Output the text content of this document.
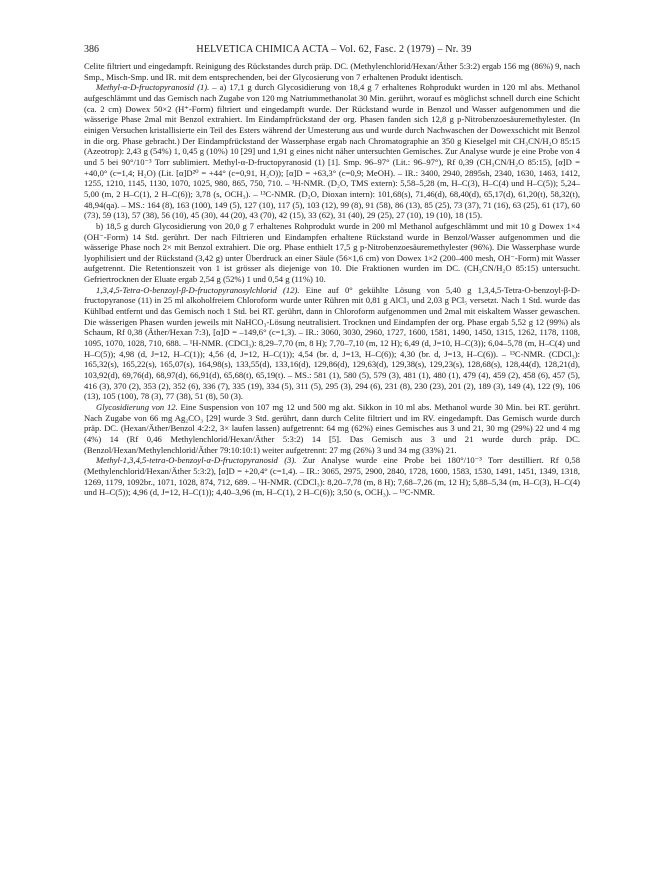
386	HELVETICA CHIMICA ACTA – Vol. 62, Fasc. 2 (1979) – Nr. 39

Celite filtriert und eingedampft. Reinigung des Rückstandes durch präp. DC. (Methylenchlorid/Hexan/Äther 5:3:2) ergab 156 mg (86%) 9, nach Smp., Misch-Smp. und IR. mit dem entsprechenden, bei der Glycosierung von 7 erhaltenen Produkt identisch.

Methyl-α-D-fructopyranosid (1). – a) 17,1 g durch Glycosidierung von 18,4 g 7 erhaltenes Rohprodukt wurden in 120 ml abs. Methanol aufgeschlämmt und das Gemisch nach Zugabe von 120 mg Natriummethanolat 30 Min. gerührt, worauf es möglichst schnell durch eine Schicht (ca. 2 cm) Dowex 50×2 (H⁺-Form) filtriert und eingedampft wurde. Der Rückstand wurde in Benzol und Wasser aufgenommen und die wässerige Phase 2mal mit Benzol extrahiert. Im Eindampfrückstand der org. Phasen fanden sich 12,8 g p-Nitrobenzoesäuremethylester. (In einigen Versuchen kristallisierte ein Teil des Esters während der Umesterung aus und wurde durch Nachwaschen der Dowexschicht mit Benzol in die org. Phase gebracht.) Der Eindampfrückstand der Wasserphase ergab nach Chromatographie an 350 g Kieselgel mit CH₃CN/H₂O 85:15 (Azeotrop): 2,43 g (54%) 1, 0,45 g (10%) 10 [29] und 1,91 g eines nicht näher untersuchten Gemisches. Zur Analyse wurde je eine Probe von 4 und 5 bei 90°/10⁻³ Torr sublimiert. Methyl-α-D-fructopyranosid (1) [1]. Smp. 96–97° (Lit.: 96–97°), Rf 0,39 (CH₃CN/H₂O 85:15), [α]D = +40,0° (c=1,4; H₂O) (Lit. [α]D²⁰ = +44° (c=0,91, H₂O)); [α]D = +63,3° (c=0,9; MeOH). – IR.: 3400, 2940, 2895sh, 2340, 1630, 1463, 1412, 1255, 1210, 1145, 1130, 1070, 1025, 980, 865, 750, 710. – ¹H-NMR. (D₂O, TMS extern): 5,58–5,28 (m, H–C(3), H–C(4) und H–C(5)); 5,24–5,00 (m, 2 H–C(1), 2 H–C(6)); 3,78 (s, OCH₃). – ¹³C-NMR. (D₂O, Dioxan intern): 101,68(s), 71,46(d), 68,40(d), 65,17(d), 61,20(t), 58,32(t), 48,94(qa). – MS.: 164 (8), 163 (100), 149 (5), 127 (10), 117 (5), 103 (12), 99 (8), 91 (58), 86 (13), 85 (25), 73 (37), 71 (16), 63 (25), 61 (17), 60 (73), 59 (13), 57 (38), 56 (10), 45 (30), 44 (20), 43 (70), 42 (15), 33 (62), 31 (40), 29 (25), 27 (10), 19 (10), 18 (15).

b) 18,5 g durch Glycosidierung von 20,0 g 7 erhaltenes Rohprodukt wurde in 200 ml Methanol aufgeschlämmt und mit 10 g Dowex 1×4 (OH⁻-Form) 14 Std. gerührt. Der nach Filtrieren und Eindampfen erhaltene Rückstand wurde in Benzol/Wasser aufgenommen und die wässerige Phase noch 2× mit Benzol extrahiert. Die org. Phase enthielt 17,5 g p-Nitrobenzoesäuremethylester (96%). Die Wasserphase wurde lyophilisiert und der Rückstand (3,42 g) unter Überdruck an einer Säule (56×1,6 cm) von Dowex 1×2 (200–400 mesh, OH⁻-Form) mit Wasser aufgetrennt. Die Retentionszeit von 1 ist grösser als diejenige von 10. Die Fraktionen wurden im DC. (CH₃CN/H₂O 85:15) untersucht. Gefriertrocknen der Eluate ergab 2,54 g (52%) 1 und 0,54 g (11%) 10.

1,3,4,5-Tetra-O-benzoyl-β-D-fructopyranosylchlorid (12). Eine auf 0° gekühlte Lösung von 5,40 g 1,3,4,5-Tetra-O-benzoyl-β-D-fructopyranose (11) in 25 ml alkoholfreiem Chloroform wurde unter Rühren mit 0,81 g AlCl₃ und 2,03 g PCl₅ versetzt. Nach 1 Std. wurde das Kühlbad entfernt und das Gemisch noch 1 Std. bei RT. gerührt, dann in Chloroform aufgenommen und 2mal mit eiskaltem Wasser gewaschen. Die wässerigen Phasen wurden jeweils mit NaHCO₃-Lösung neutralisiert. Trocknen und Eindampfen der org. Phase ergab 5,52 g 12 (99%) als Schaum, Rf 0,38 (Äther/Hexan 7:3), [α]D = –149,6° (c=1,3). – IR.: 3060, 3030, 2960, 1727, 1600, 1581, 1490, 1450, 1315, 1262, 1178, 1108, 1095, 1070, 1028, 710, 688. – ¹H-NMR. (CDCl₃): 8,29–7,70 (m, 8 H); 7,70–7,10 (m, 12 H); 6,49 (d, J=10, H–C(3)); 6,04–5,78 (m, H–C(4) und H–C(5)); 4,98 (d, J=12, H–C(1)); 4,56 (d, J=12, H–C(1)); 4,54 (br. d, J=13, H–C(6)); 4,30 (br. d, J=13, H–C(6)). – ¹³C-NMR. (CDCl₃): 165,32(s), 165,22(s), 165,07(s), 164,98(s), 133,55(d), 133,16(d), 129,86(d), 129,63(d), 129,38(s), 129,23(s), 128,68(s), 128,44(d), 128,21(d), 103,92(d), 69,76(d), 68,97(d), 66,91(d), 65,68(t), 65,19(t). – MS.: 581 (1), 580 (5), 579 (3), 481 (1), 480 (1), 479 (4), 459 (2), 458 (6), 457 (5), 416 (3), 370 (2), 353 (2), 352 (6), 336 (7), 335 (19), 334 (5), 311 (5), 295 (3), 294 (6), 231 (8), 230 (23), 201 (2), 189 (3), 149 (4), 122 (9), 106 (13), 105 (100), 78 (3), 77 (38), 51 (8), 50 (3).

Glycosidierung von 12. Eine Suspension von 107 mg 12 und 500 mg akt. Sikkon in 10 ml abs. Methanol wurde 30 Min. bei RT. gerührt. Nach Zugabe von 66 mg Ag₂CO₃ [29] wurde 3 Std. gerührt, dann durch Celite filtriert und im RV. eingedampft. Das Gemisch wurde durch präp. DC. (Hexan/Äther/Benzol 4:2:2, 3× laufen lassen) aufgetrennt: 64 mg (62%) eines Gemisches aus 3 und 21, 30 mg (29%) 22 und 4 mg (4%) 14 (Rf 0,46 Methylenchlorid/Hexan/Äther 5:3:2) 14 [5]. Das Gemisch aus 3 und 21 wurde durch präp. DC. (Benzol/Hexan/Methylenchlorid/Äther 79:10:10:1) weiter aufgetrennt: 27 mg (26%) 3 und 34 mg (33%) 21.

Methyl-1,3,4,5-tetra-O-benzoyl-α-D-fructopyranosid (3). Zur Analyse wurde eine Probe bei 180°/10⁻³ Torr destilliert. Rf 0,58 (Methylenchlorid/Hexan/Äther 5:3:2), [α]D = +20,4° (c=1,4). – IR.: 3065, 2975, 2900, 2840, 1728, 1600, 1583, 1530, 1491, 1451, 1349, 1318, 1269, 1179, 1092br., 1071, 1028, 874, 712, 689. – ¹H-NMR. (CDCl₃): 8,20–7,78 (m, 8 H); 7,68–7,26 (m, 12 H); 5,88–5,34 (m, H–C(3), H–C(4) und H–C(5)); 4,96 (d, J=12, H–C(1)); 4,40–3,96 (m, H–C(1), 2 H–C(6)); 3,50 (s, OCH₃). – ¹³C-NMR.
